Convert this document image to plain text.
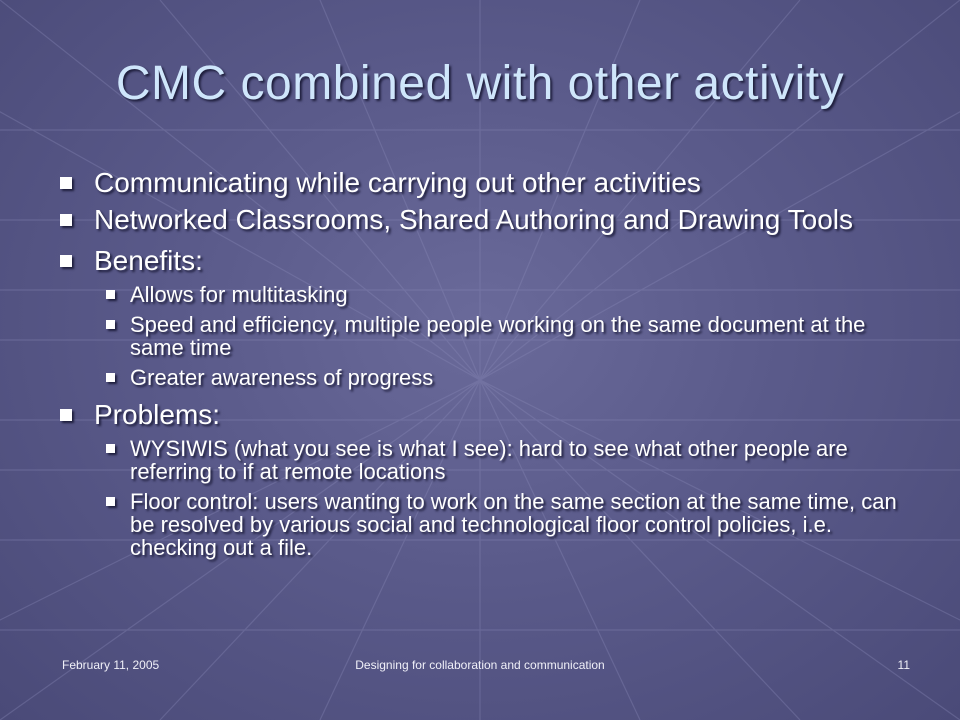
CMC combined with other activity
Communicating while carrying out other activities
Networked Classrooms, Shared Authoring and Drawing Tools
Benefits:
Allows for multitasking
Speed and efficiency, multiple people working on the same document at the same time
Greater awareness of progress
Problems:
WYSIWIS (what you see is what I see): hard to see what other people are referring to if at remote locations
Floor control: users wanting to work on the same section at the same time, can be resolved by various social and technological floor control policies, i.e. checking out a file.
February 11, 2005	Designing for collaboration and communication	11
